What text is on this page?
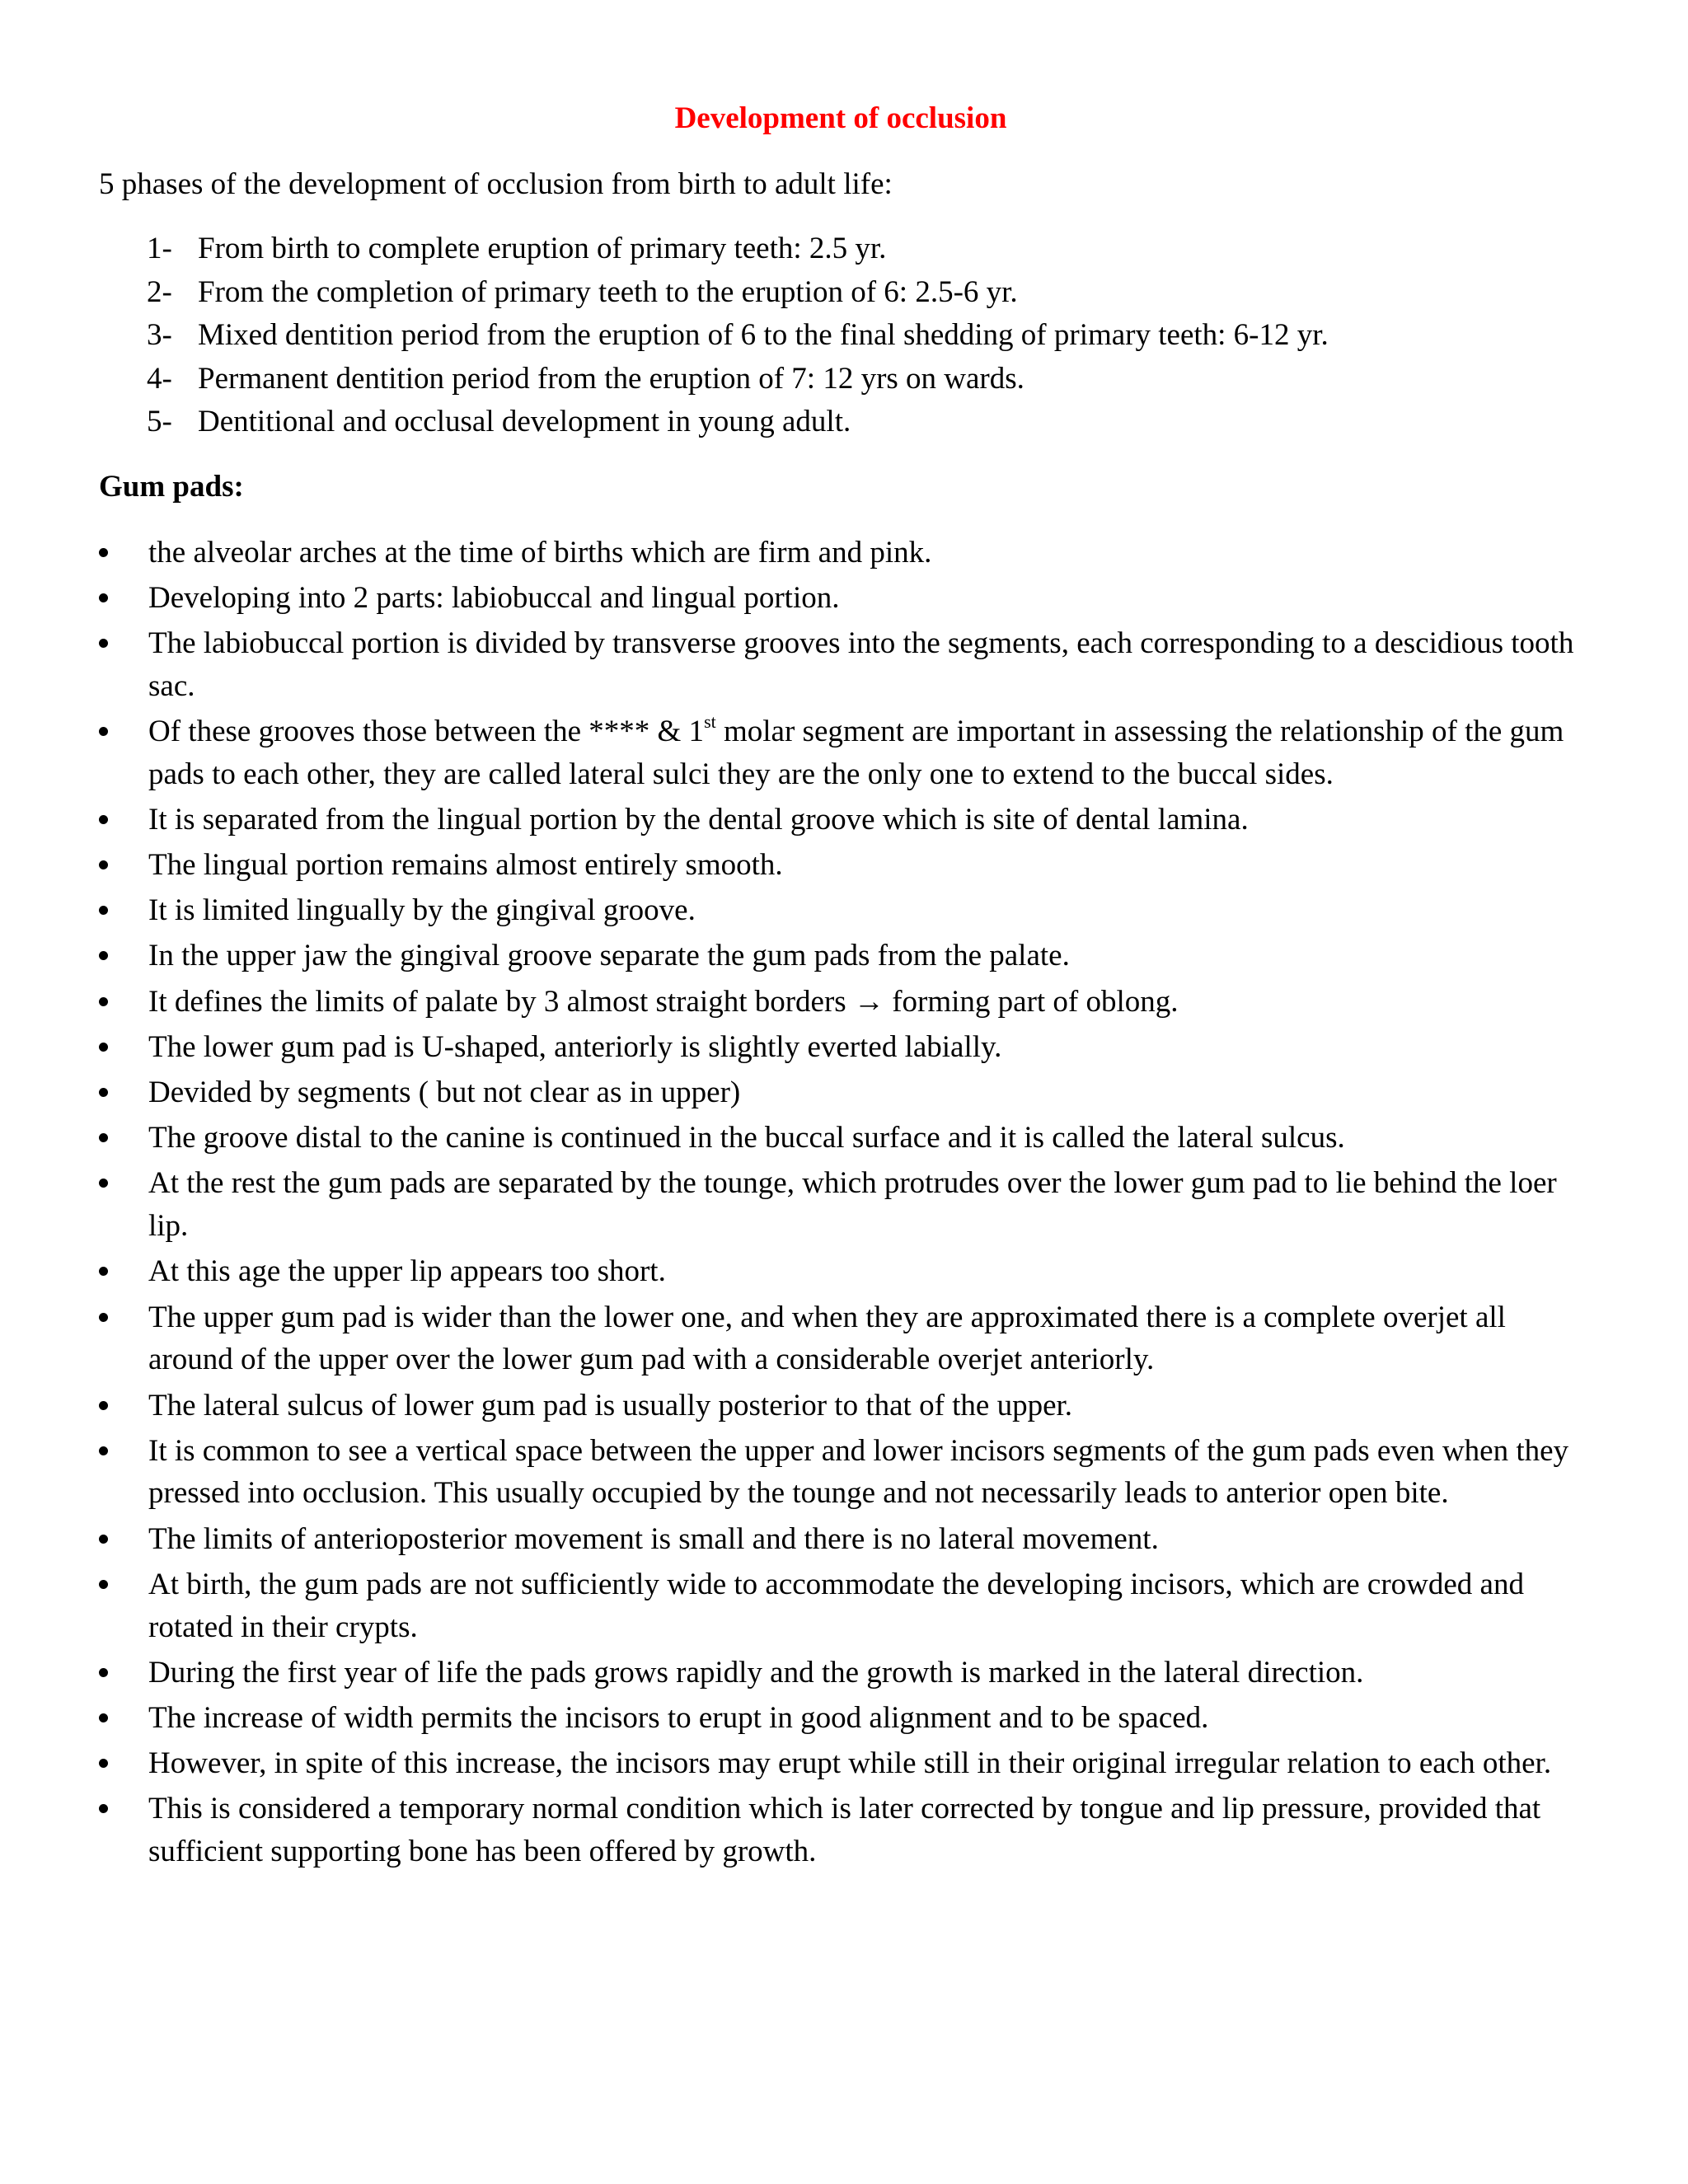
Development of occlusion

5 phases of the development of occlusion from birth to adult life:

1- From birth to complete eruption of primary teeth: 2.5 yr.
2- From the completion of primary teeth to the eruption of 6: 2.5-6 yr.
3- Mixed dentition period from the eruption of 6 to the final shedding of primary teeth: 6-12 yr.
4- Permanent dentition period from the eruption of 7: 12 yrs on wards.
5- Dentitional and occlusal development in young adult.
Gum pads:
the alveolar arches at the time of births which are firm and pink.
Developing into 2 parts: labiobuccal and lingual portion.
The labiobuccal portion is divided by transverse grooves into the segments, each corresponding to a descidious tooth sac.
Of these grooves those between the **** & 1st molar segment are important in assessing the relationship of the gum pads to each other, they are called lateral sulci they are the only one to extend to the buccal sides.
It is separated from the lingual portion by the dental groove which is site of dental lamina.
The lingual portion remains almost entirely smooth.
It is limited lingually by the gingival groove.
In the upper jaw the gingival groove separate the gum pads from the palate.
It defines the limits of palate by 3 almost straight borders → forming part of oblong.
The lower gum pad is U-shaped, anteriorly is slightly everted labially.
Devided by segments ( but not clear as in upper)
The groove distal to the canine is continued in the buccal surface and it is called the lateral sulcus.
At the rest the gum pads are separated by the tounge, which protrudes over the lower gum pad to lie behind the loer lip.
At this age the upper lip appears too short.
The upper gum pad is wider than the lower one, and when they are approximated there is a complete overjet all around of the upper over the lower gum pad with a considerable overjet anteriorly.
The lateral sulcus of lower gum pad is usually posterior to that of the upper.
It is common to see a vertical space between the upper and lower incisors segments of the gum pads even when they pressed into occlusion. This usually occupied by the tounge and not necessarily leads to anterior open bite.
The limits of anterioposterior movement is small and there is no lateral movement.
At birth, the gum pads are not sufficiently wide to accommodate the developing incisors, which are crowded and rotated in their crypts.
During the first year of life the pads grows rapidly and the growth is marked in the lateral direction.
The increase of width permits the incisors to erupt in good alignment and to be spaced.
However, in spite of this increase, the incisors may erupt while still in their original irregular relation to each other.
This is considered a temporary normal condition which is later corrected by tongue and lip pressure, provided that sufficient supporting bone has been offered by growth.
